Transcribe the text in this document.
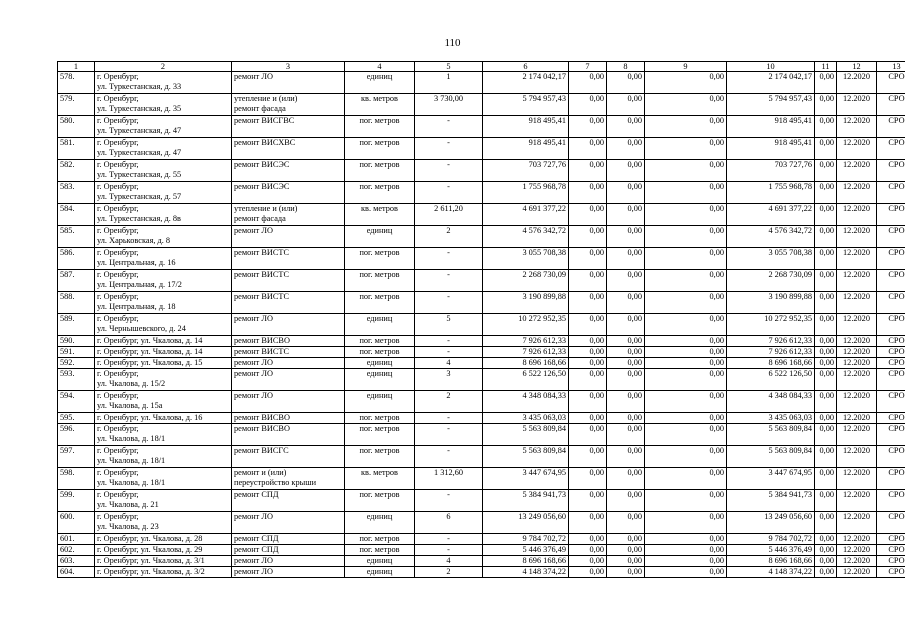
110
1	2	3	4	5	6	7	8	9	10	11	12	13
578.	г. Оренбург,
ул. Туркестанская, д. 33	ремонт ЛО	единиц	1	2 174 042,17	0,00	0,00	0,00	2 174 042,17	0,00	12.2020	СРО
579.	г. Оренбург,
ул. Туркестанская, д. 35	утепление и (или)
ремонт фасада	кв. метров	3 730,00	5 794 957,43	0,00	0,00	0,00	5 794 957,43	0,00	12.2020	СРО
580.	г. Оренбург,
ул. Туркестанская, д. 47	ремонт ВИСГВС	пог. метров	-	918 495,41	0,00	0,00	0,00	918 495,41	0,00	12.2020	СРО
581.	г. Оренбург,
ул. Туркестанская, д. 47	ремонт ВИСХВС	пог. метров	-	918 495,41	0,00	0,00	0,00	918 495,41	0,00	12.2020	СРО
582.	г. Оренбург,
ул. Туркестанская, д. 55	ремонт ВИСЭС	пог. метров	-	703 727,76	0,00	0,00	0,00	703 727,76	0,00	12.2020	СРО
583.	г. Оренбург,
ул. Туркестанская, д. 57	ремонт ВИСЭС	пог. метров	-	1 755 968,78	0,00	0,00	0,00	1 755 968,78	0,00	12.2020	СРО
584.	г. Оренбург,
ул. Туркестанская, д. 8в	утепление и (или)
ремонт фасада	кв. метров	2 611,20	4 691 377,22	0,00	0,00	0,00	4 691 377,22	0,00	12.2020	СРО
585.	г. Оренбург,
ул. Харьковская, д. 8	ремонт ЛО	единиц	2	4 576 342,72	0,00	0,00	0,00	4 576 342,72	0,00	12.2020	СРО
586.	г. Оренбург,
ул. Центральная, д. 16	ремонт ВИСТС	пог. метров	-	3 055 708,38	0,00	0,00	0,00	3 055 708,38	0,00	12.2020	СРО
587.	г. Оренбург,
ул. Центральная, д. 17/2	ремонт ВИСТС	пог. метров	-	2 268 730,09	0,00	0,00	0,00	2 268 730,09	0,00	12.2020	СРО
588.	г. Оренбург,
ул. Центральная, д. 18	ремонт ВИСТС	пог. метров	-	3 190 899,88	0,00	0,00	0,00	3 190 899,88	0,00	12.2020	СРО
589.	г. Оренбург,
ул. Чернышевского, д. 24	ремонт ЛО	единиц	5	10 272 952,35	0,00	0,00	0,00	10 272 952,35	0,00	12.2020	СРО
590.	г. Оренбург, ул. Чкалова, д. 14	ремонт ВИСВО	пог. метров	-	7 926 612,33	0,00	0,00	0,00	7 926 612,33	0,00	12.2020	СРО
591.	г. Оренбург, ул. Чкалова, д. 14	ремонт ВИСТС	пог. метров	-	7 926 612,33	0,00	0,00	0,00	7 926 612,33	0,00	12.2020	СРО
592.	г. Оренбург, ул. Чкалова, д. 15	ремонт ЛО	единиц	4	8 696 168,66	0,00	0,00	0,00	8 696 168,66	0,00	12.2020	СРО
593.	г. Оренбург,
ул. Чкалова, д. 15/2	ремонт ЛО	единиц	3	6 522 126,50	0,00	0,00	0,00	6 522 126,50	0,00	12.2020	СРО
594.	г. Оренбург,
ул. Чкалова, д. 15а	ремонт ЛО	единиц	2	4 348 084,33	0,00	0,00	0,00	4 348 084,33	0,00	12.2020	СРО
595.	г. Оренбург, ул. Чкалова, д. 16	ремонт ВИСВО	пог. метров	-	3 435 063,03	0,00	0,00	0,00	3 435 063,03	0,00	12.2020	СРО
596.	г. Оренбург,
ул. Чкалова, д. 18/1	ремонт ВИСВО	пог. метров	-	5 563 809,84	0,00	0,00	0,00	5 563 809,84	0,00	12.2020	СРО
597.	г. Оренбург,
ул. Чкалова, д. 18/1	ремонт ВИСГС	пог. метров	-	5 563 809,84	0,00	0,00	0,00	5 563 809,84	0,00	12.2020	СРО
598.	г. Оренбург,
ул. Чкалова, д. 18/1	ремонт и (или)
переустройство крыши	кв. метров	1 312,60	3 447 674,95	0,00	0,00	0,00	3 447 674,95	0,00	12.2020	СРО
599.	г. Оренбург,
ул. Чкалова, д. 21	ремонт СПД	пог. метров	-	5 384 941,73	0,00	0,00	0,00	5 384 941,73	0,00	12.2020	СРО
600.	г. Оренбург,
ул. Чкалова, д. 23	ремонт ЛО	единиц	6	13 249 056,60	0,00	0,00	0,00	13 249 056,60	0,00	12.2020	СРО
601.	г. Оренбург, ул. Чкалова, д. 28	ремонт СПД	пог. метров	-	9 784 702,72	0,00	0,00	0,00	9 784 702,72	0,00	12.2020	СРО
602.	г. Оренбург, ул. Чкалова, д. 29	ремонт СПД	пог. метров	-	5 446 376,49	0,00	0,00	0,00	5 446 376,49	0,00	12.2020	СРО
603.	г. Оренбург, ул. Чкалова, д. 3/1	ремонт ЛО	единиц	4	8 696 168,66	0,00	0,00	0,00	8 696 168,66	0,00	12.2020	СРО
604.	г. Оренбург, ул. Чкалова, д. 3/2	ремонт ЛО	единиц	2	4 148 374,22	0,00	0,00	0,00	4 148 374,22	0,00	12.2020	СРО
